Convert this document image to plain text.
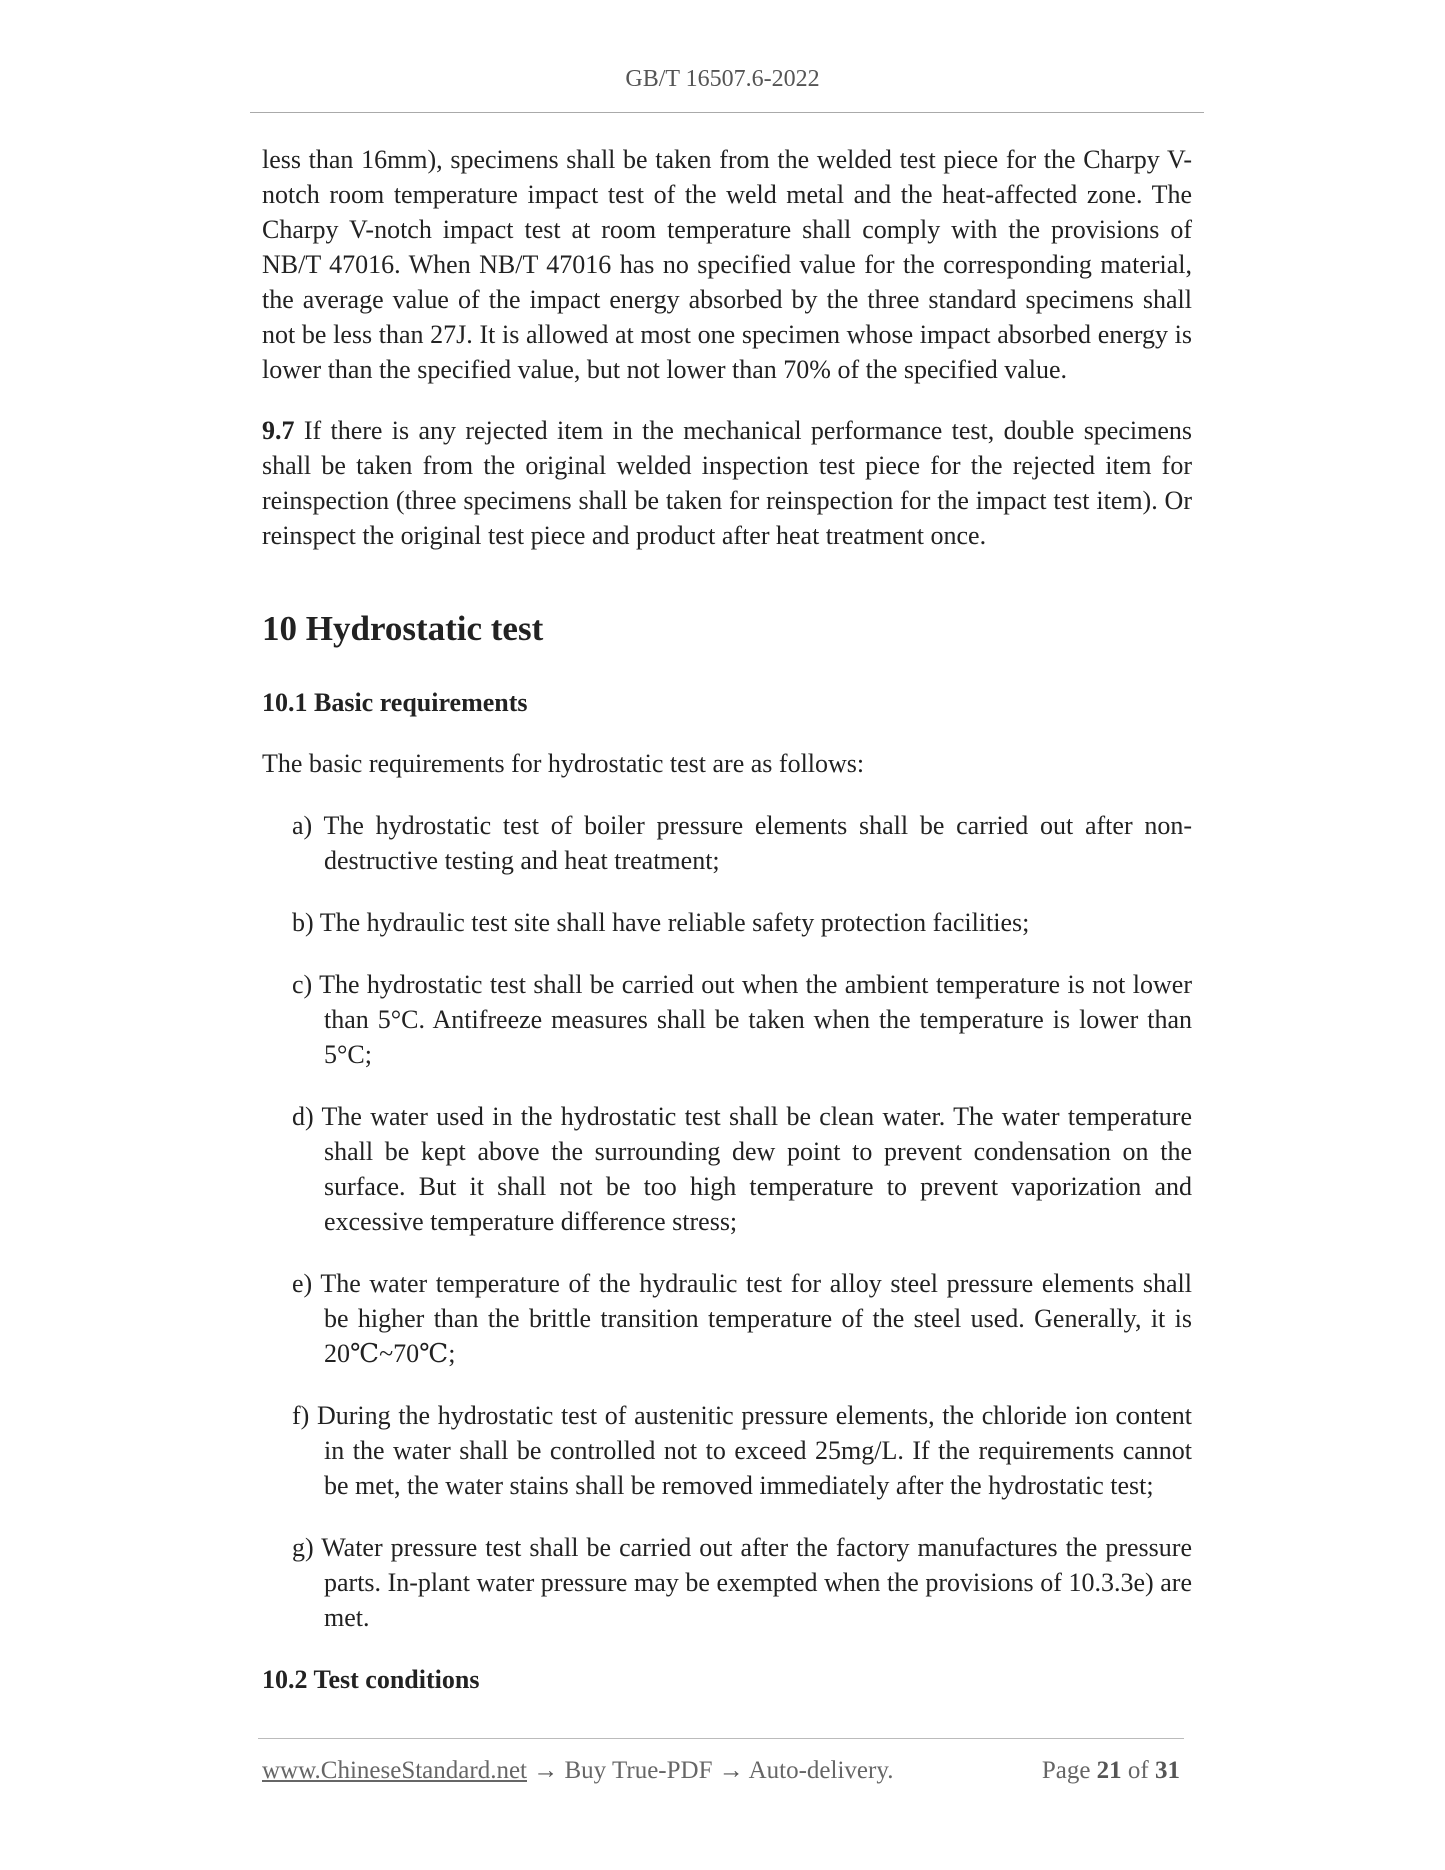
GB/T 16507.6-2022

less than 16mm), specimens shall be taken from the welded test piece for the Charpy V-notch room temperature impact test of the weld metal and the heat-affected zone. The Charpy V-notch impact test at room temperature shall comply with the provisions of NB/T 47016. When NB/T 47016 has no specified value for the corresponding material, the average value of the impact energy absorbed by the three standard specimens shall not be less than 27J. It is allowed at most one specimen whose impact absorbed energy is lower than the specified value, but not lower than 70% of the specified value.

9.7 If there is any rejected item in the mechanical performance test, double specimens shall be taken from the original welded inspection test piece for the rejected item for reinspection (three specimens shall be taken for reinspection for the impact test item). Or reinspect the original test piece and product after heat treatment once.

10 Hydrostatic test
10.1 Basic requirements

The basic requirements for hydrostatic test are as follows:

a) The hydrostatic test of boiler pressure elements shall be carried out after non-destructive testing and heat treatment;
b) The hydraulic test site shall have reliable safety protection facilities;
c) The hydrostatic test shall be carried out when the ambient temperature is not lower than 5°C. Antifreeze measures shall be taken when the temperature is lower than 5°C;
d) The water used in the hydrostatic test shall be clean water. The water temperature shall be kept above the surrounding dew point to prevent condensation on the surface. But it shall not be too high temperature to prevent vaporization and excessive temperature difference stress;
e) The water temperature of the hydraulic test for alloy steel pressure elements shall be higher than the brittle transition temperature of the steel used. Generally, it is 20℃~70℃;
f) During the hydrostatic test of austenitic pressure elements, the chloride ion content in the water shall be controlled not to exceed 25mg/L. If the requirements cannot be met, the water stains shall be removed immediately after the hydrostatic test;
g) Water pressure test shall be carried out after the factory manufactures the pressure parts. In-plant water pressure may be exempted when the provisions of 10.3.3e) are met.
10.2 Test conditions
www.ChineseStandard.net → Buy True-PDF → Auto-delivery.	Page 21 of 31
